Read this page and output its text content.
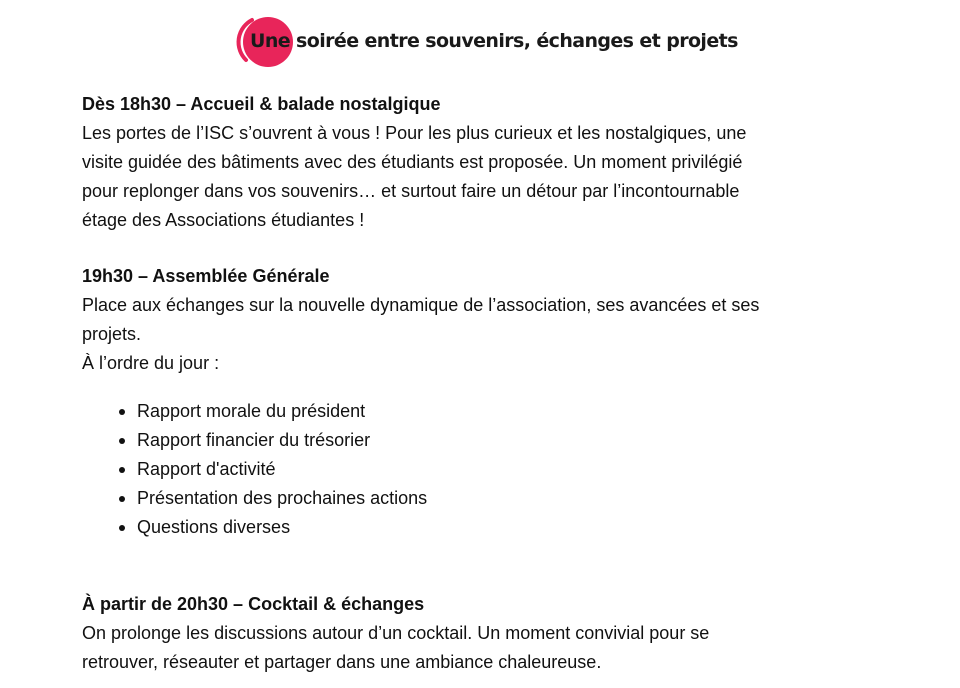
Une soirée entre souvenirs, échanges et projets

Dès 18h30 – Accueil & balade nostalgique

Les portes de l’ISC s’ouvrent à vous ! Pour les plus curieux et les nostalgiques, une

visite guidée des bâtiments avec des étudiants est proposée. Un moment privilégié

pour replonger dans vos souvenirs… et surtout faire un détour par l’incontournable

étage des Associations étudiantes !

19h30 – Assemblée Générale

Place aux échanges sur la nouvelle dynamique de l’association, ses avancées et ses

projets.

À l’ordre du jour :

Rapport morale du président
Rapport financier du trésorier
Rapport d'activité
Présentation des prochaines actions
Questions diverses

À partir de 20h30 – Cocktail & échanges

On prolonge les discussions autour d’un cocktail. Un moment convivial pour se

retrouver, réseauter et partager dans une ambiance chaleureuse.
